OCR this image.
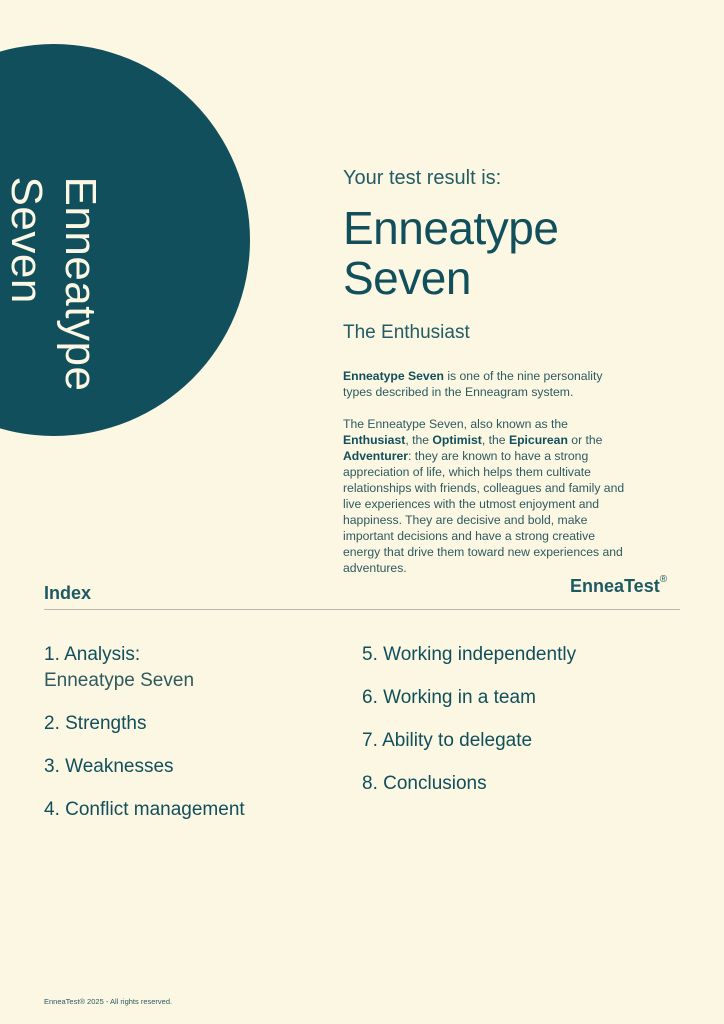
Enneatype
Seven	Your test result is:

Enneatype
Seven

The Enthusiast

Enneatype Seven is one of the nine personality types described in the Enneagram system.

The Enneatype Seven, also known as the Enthusiast, the Optimist, the Epicurean or the Adventurer: they are known to have a strong appreciation of life, which helps them cultivate relationships with friends, colleagues and family and live experiences with the utmost enjoyment and happiness. They are decisive and bold, make important decisions and have a strong creative energy that drive them toward new experiences and adventures.

Index	EnneaTest®
1. Analysis:
Enneatype Seven
2. Strengths
3. Weaknesses
4. Conflict management
5. Working independently
6. Working in a team
7. Ability to delegate
8. Conclusions
EnneaTest® 2025 - All rights reserved.
